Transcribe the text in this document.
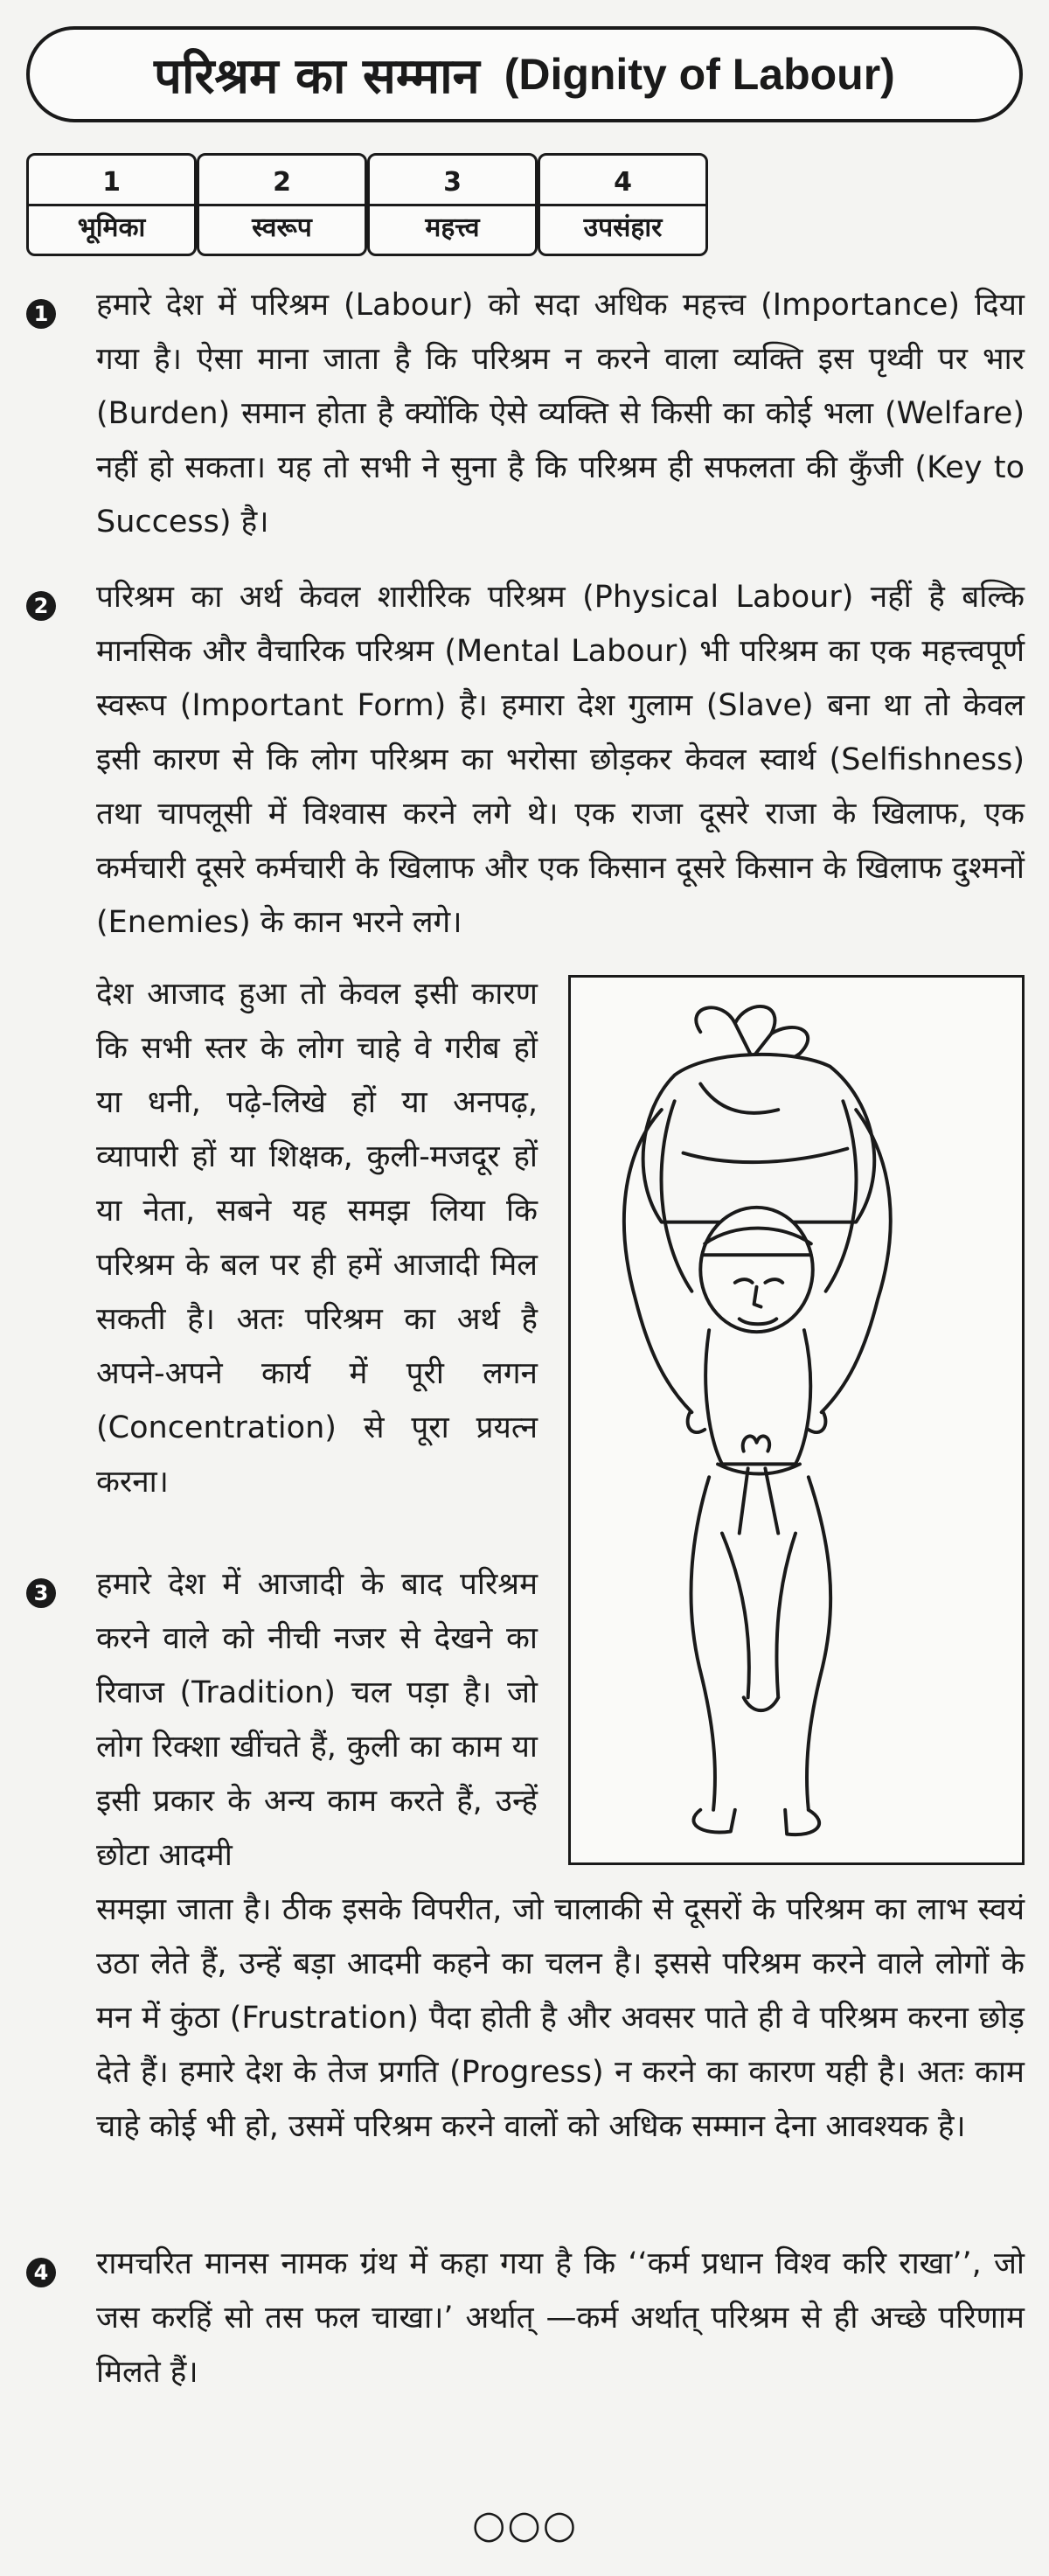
परिश्रम का सम्मान (Dignity of Labour)
1
भूमिका
2
स्वरूप
3
महत्त्व
4
उपसंहार
1 हमारे देश में परिश्रम (Labour) को सदा अधिक महत्त्व (Importance) दिया गया है। ऐसा माना जाता है कि परिश्रम न करने वाला व्यक्ति इस पृथ्वी पर भार (Burden) समान होता है क्योंकि ऐसे व्यक्ति से किसी का कोई भला (Welfare) नहीं हो सकता। यह तो सभी ने सुना है कि परिश्रम ही सफलता की कुँजी (Key to Success) है।

2 परिश्रम का अर्थ केवल शारीरिक परिश्रम (Physical Labour) नहीं है बल्कि मानसिक और वैचारिक परिश्रम (Mental Labour) भी परिश्रम का एक महत्त्वपूर्ण स्वरूप (Important Form) है। हमारा देश गुलाम (Slave) बना था तो केवल इसी कारण से कि लोग परिश्रम का भरोसा छोड़कर केवल स्वार्थ (Selfishness) तथा चापलूसी में विश्वास करने लगे थे। एक राजा दूसरे राजा के खिलाफ, एक कर्मचारी दूसरे कर्मचारी के खिलाफ और एक किसान दूसरे किसान के खिलाफ दुश्मनों (Enemies) के कान भरने लगे।

देश आजाद हुआ तो केवल इसी कारण कि सभी स्तर के लोग चाहे वे गरीब हों या धनी, पढ़े-लिखे हों या अनपढ़, व्यापारी हों या शिक्षक, कुली-मजदूर हों या नेता, सबने यह समझ लिया कि परिश्रम के बल पर ही हमें आजादी मिल सकती है। अतः परिश्रम का अर्थ है अपने-अपने कार्य में पूरी लगन (Concentration) से पूरा प्रयत्न करना।

3 हमारे देश में आजादी के बाद परिश्रम करने वाले को नीची नजर से देखने का रिवाज (Tradition) चल पड़ा है। जो लोग रिक्शा खींचते हैं, कुली का काम या इसी प्रकार के अन्य काम करते हैं, उन्हें छोटा आदमी

समझा जाता है। ठीक इसके विपरीत, जो चालाकी से दूसरों के परिश्रम का लाभ स्वयं उठा लेते हैं, उन्हें बड़ा आदमी कहने का चलन है। इससे परिश्रम करने वाले लोगों के मन में कुंठा (Frustration) पैदा होती है और अवसर पाते ही वे परिश्रम करना छोड़ देते हैं। हमारे देश के तेज प्रगति (Progress) न करने का कारण यही है। अतः काम चाहे कोई भी हो, उसमें परिश्रम करने वालों को अधिक सम्मान देना आवश्यक है।

4 रामचरित मानस नामक ग्रंथ में कहा गया है कि ‘‘कर्म प्रधान विश्व करि राखा’’, जो जस करहिं सो तस फल चाखा।’ अर्थात् —कर्म अर्थात् परिश्रम से ही अच्छे परिणाम मिलते हैं।

○○○
